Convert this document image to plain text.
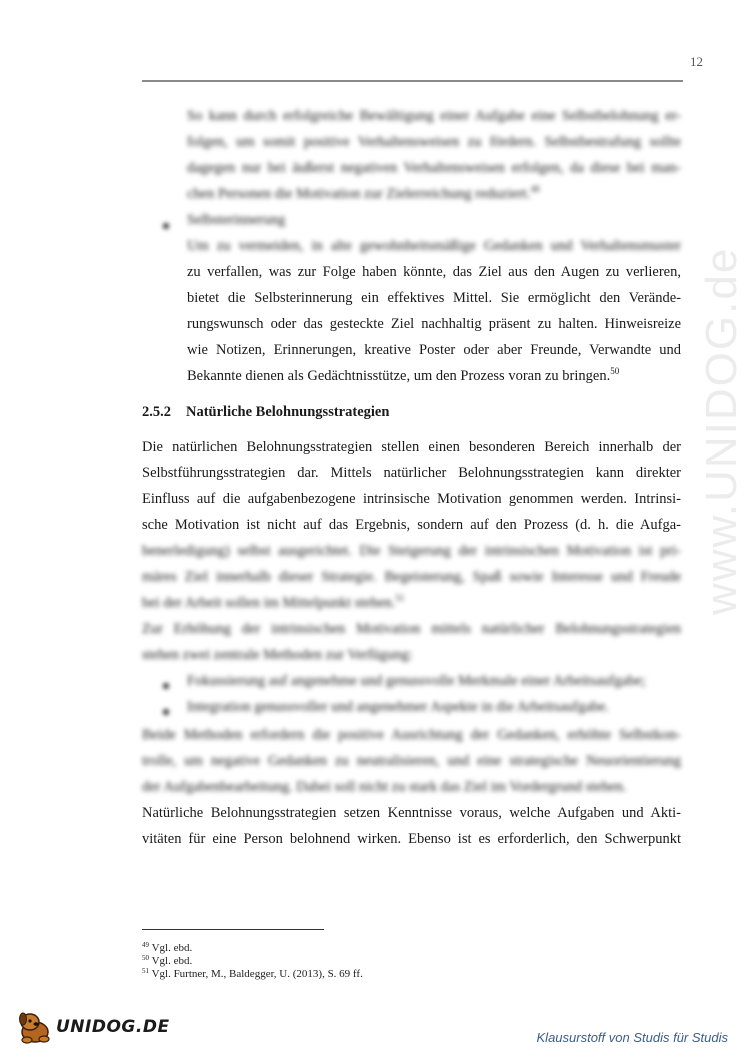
12
www.UNIDOG.de
So kann durch erfolgreiche Bewältigung einer Aufgabe eine Selbstbelohnung er-
folgen, um somit positive Verhaltensweisen zu fördern. Selbstbestrafung sollte
dagegen nur bei äußerst negativen Verhaltensweisen erfolgen, da diese bei man-
chen Personen die Motivation zur Zielerreichung reduziert.$^{48}$
Selbsterinnerung
Um zu vermeiden, in alte gewohnheitsmäßige Gedanken und Verhaltensmuster
zu verfallen, was zur Folge haben könnte, das Ziel aus den Augen zu verlieren,
bietet die Selbsterinnerung ein effektives Mittel. Sie ermöglicht den Verände-
rungswunsch oder das gesteckte Ziel nachhaltig präsent zu halten. Hinweisreize
wie Notizen, Erinnerungen, kreative Poster oder aber Freunde, Verwandte und
Bekannte dienen als Gedächtnisstütze, um den Prozess voran zu bringen.$^{50}$
2.5.2 Natürliche Belohnungsstrategien
Die natürlichen Belohnungsstrategien stellen einen besonderen Bereich innerhalb der
Selbstführungsstrategien dar. Mittels natürlicher Belohnungsstrategien kann direkter
Einfluss auf die aufgabenbezogene intrinsische Motivation genommen werden. Intrinsi-
sche Motivation ist nicht auf das Ergebnis, sondern auf den Prozess (d. h. die Aufga-
benerledigung) selbst ausgerichtet. Die Steigerung der intrinsischen Motivation ist pri-
märes Ziel innerhalb dieser Strategie. Begeisterung, Spaß sowie Interesse und Freude
bei der Arbeit sollen im Mittelpunkt stehen.$^{51}$
Zur Erhöhung der intrinsischen Motivation mittels natürlicher Belohnungsstrategien
stehen zwei zentrale Methoden zur Verfügung:
Fokussierung auf angenehme und genussvolle Merkmale einer Arbeitsaufgabe;
Integration genussvoller und angenehmer Aspekte in die Arbeitsaufgabe.
Beide Methoden erfordern die positive Ausrichtung der Gedanken, erhöhte Selbstkon-
trolle, um negative Gedanken zu neutralisieren, und eine strategische Neuorientierung
der Aufgabenbearbeitung. Dabei soll nicht zu stark das Ziel im Vordergrund stehen.
Natürliche Belohnungsstrategien setzen Kenntnisse voraus, welche Aufgaben und Akti-
vitäten für eine Person belohnend wirken. Ebenso ist es erforderlich, den Schwerpunkt
$^{49}$ Vgl. ebd.
$^{50}$ Vgl. ebd.
$^{51}$ Vgl. Furtner, M., Baldegger, U. (2013), S. 69 ff.
UNIDOG.DE
Klausurstoff von Studis für Studis
